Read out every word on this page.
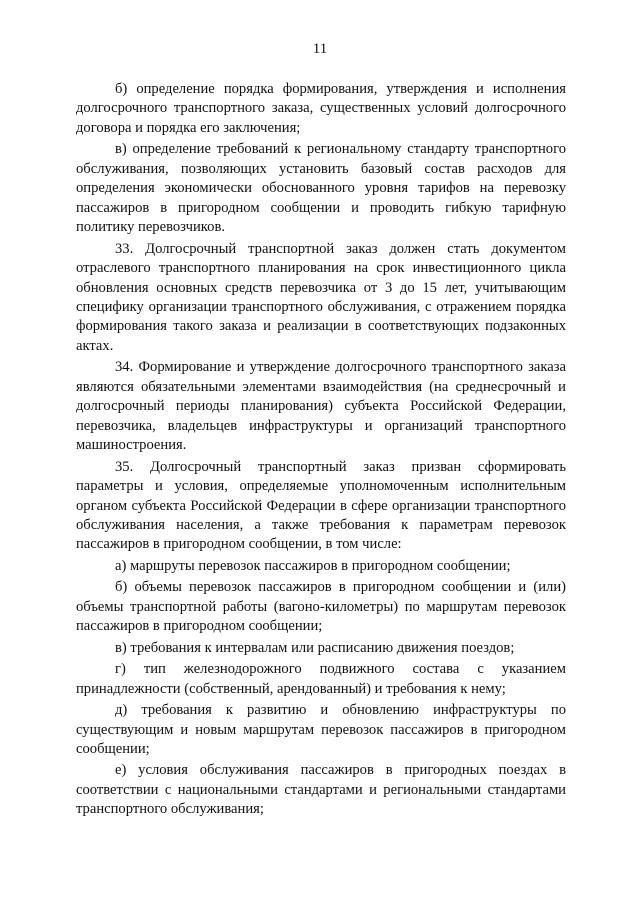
11

б) определение порядка формирования, утверждения и исполнения долгосрочного транспортного заказа, существенных условий долгосрочного договора и порядка его заключения;

в) определение требований к региональному стандарту транспортного обслуживания, позволяющих установить базовый состав расходов для определения экономически обоснованного уровня тарифов на перевозку пассажиров в пригородном сообщении и проводить гибкую тарифную политику перевозчиков.

33. Долгосрочный транспортной заказ должен стать документом отраслевого транспортного планирования на срок инвестиционного цикла обновления основных средств перевозчика от 3 до 15 лет, учитывающим специфику организации транспортного обслуживания, с отражением порядка формирования такого заказа и реализации в соответствующих подзаконных актах.

34. Формирование и утверждение долгосрочного транспортного заказа являются обязательными элементами взаимодействия (на среднесрочный и долгосрочный периоды планирования) субъекта Российской Федерации, перевозчика, владельцев инфраструктуры и организаций транспортного машиностроения.

35. Долгосрочный транспортный заказ призван сформировать параметры и условия, определяемые уполномоченным исполнительным органом субъекта Российской Федерации в сфере организации транспортного обслуживания населения, а также требования к параметрам перевозок пассажиров в пригородном сообщении, в том числе:

а) маршруты перевозок пассажиров в пригородном сообщении;

б) объемы перевозок пассажиров в пригородном сообщении и (или) объемы транспортной работы (вагоно-километры) по маршрутам перевозок пассажиров в пригородном сообщении;

в) требования к интервалам или расписанию движения поездов;

г) тип железнодорожного подвижного состава с указанием принадлежности (собственный, арендованный) и требования к нему;

д) требования к развитию и обновлению инфраструктуры по существующим и новым маршрутам перевозок пассажиров в пригородном сообщении;

е) условия обслуживания пассажиров в пригородных поездах в соответствии с национальными стандартами и региональными стандартами транспортного обслуживания;
